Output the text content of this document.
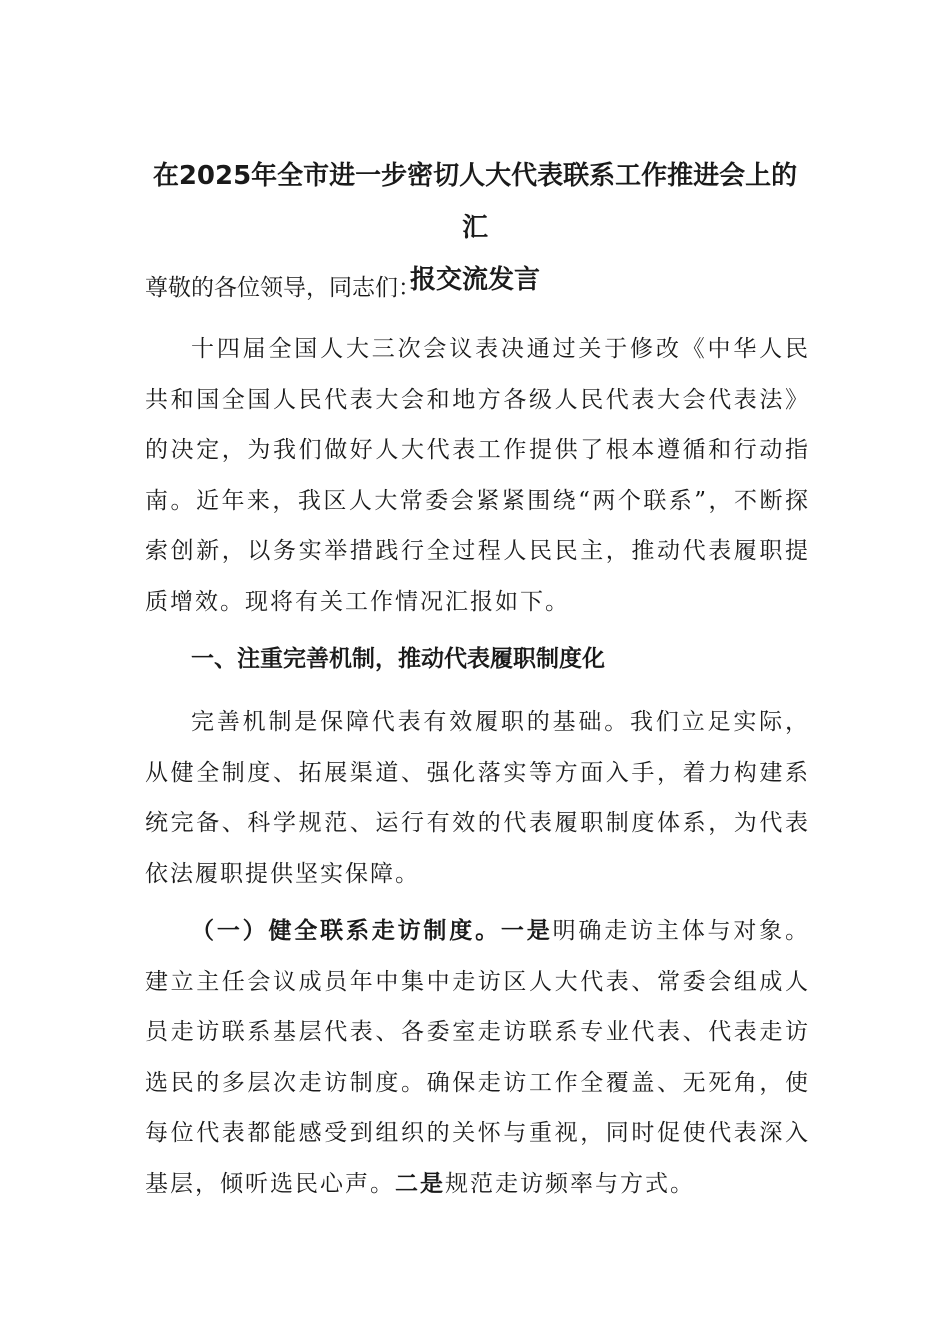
在2025年全市进一步密切人大代表联系工作推进会上的汇
报交流发言
尊敬的各位领导，同志们：
十四届全国人大三次会议表决通过关于修改《中华人民共和国全国人民代表大会和地方各级人民代表大会代表法》的决定，为我们做好人大代表工作提供了根本遵循和行动指南。近年来，我区人大常委会紧紧围绕“两个联系”，不断探索创新，以务实举措践行全过程人民民主，推动代表履职提质增效。现将有关工作情况汇报如下。
一、注重完善机制，推动代表履职制度化
完善机制是保障代表有效履职的基础。我们立足实际，从健全制度、拓展渠道、强化落实等方面入手，着力构建系统完备、科学规范、运行有效的代表履职制度体系，为代表依法履职提供坚实保障。
（一）健全联系走访制度。一是明确走访主体与对象。建立主任会议成员年中集中走访区人大代表、常委会组成人员走访联系基层代表、各委室走访联系专业代表、代表走访选民的多层次走访制度。确保走访工作全覆盖、无死角，使每位代表都能感受到组织的关怀与重视，同时促使代表深入基层，倾听选民心声。二是规范走访频率与方式。
